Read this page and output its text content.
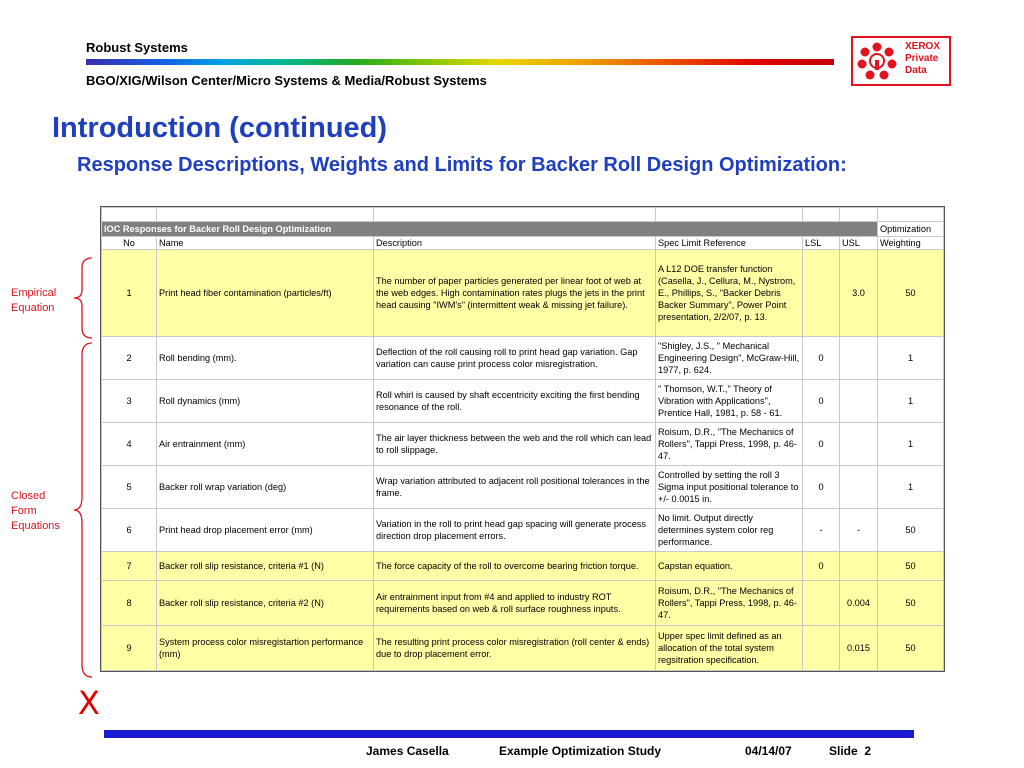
Robust Systems
BGO/XIG/Wilson Center/Micro Systems & Media/Robust Systems
XEROX
Private
Data
Introduction (continued)
Response Descriptions, Weights and Limits for Backer Roll Design Optimization:
Empirical Equation
Closed Form Equations

IOC Responses for Backer Roll Design Optimization						Optimization
No	Name	Description	Spec Limit Reference	LSL	USL	Weighting
1	Print head fiber contamination (particles/ft)	The number of paper particles generated per linear foot of web at the web edges. High contamination rates plugs the jets in the print head causing "IWM's" (intermittent weak & missing jet failure).	A L12 DOE transfer function (Casella, J., Cellura, M., Nystrom, E., Phillips, S., "Backer Debris Backer Summary", Power Point presentation, 2/2/07, p. 13.		3.0	50
2	Roll bending (mm).	Deflection of the roll causing roll to print head gap variation. Gap variation can cause print process color misregistration.	"Shigley, J.S., " Mechanical Engineering Design", McGraw-Hill, 1977, p. 624.	0		1
3	Roll dynamics (mm)	Roll whirl is caused by shaft eccentricity exciting the first bending resonance of the roll.	" Thomson, W.T.," Theory of Vibration with Applications", Prentice Hall, 1981, p. 58 - 61.	0		1
4	Air entrainment (mm)	The air layer thickness between the web and the roll which can lead to roll slippage.	Roisum, D.R., "The Mechanics of Rollers", Tappi Press, 1998, p. 46-47.	0		1
5	Backer roll wrap variation (deg)	Wrap variation attributed to adjacent roll positional tolerances in the frame.	Controlled by setting the roll 3 Sigma input positional tolerance to +/- 0.0015 in.	0		1
6	Print head drop placement error (mm)	Variation in the roll to print head gap spacing will generate process direction drop placement errors.	No limit. Output directly determines system color reg performance.	-	-	50
7	Backer roll slip resistance, criteria #1 (N)	The force capacity of the roll to overcome bearing friction torque.	Capstan equation.	0		50
8	Backer roll slip resistance, criteria #2 (N)	Air entrainment input from #4 and applied to industry ROT requirements based on web & roll surface roughness inputs.	Roisum, D.R., "The Mechanics of Rollers", Tappi Press, 1998, p. 46-47.		0.004	50
9	System process color misregistartion performance (mm)	The resulting print process color misregistration (roll center & ends) due to drop placement error.	Upper spec limit defined as an allocation of the total system regsitration specification.		0.015	50
X
James Casella	Example Optimization Study	04/14/07	Slide 2
